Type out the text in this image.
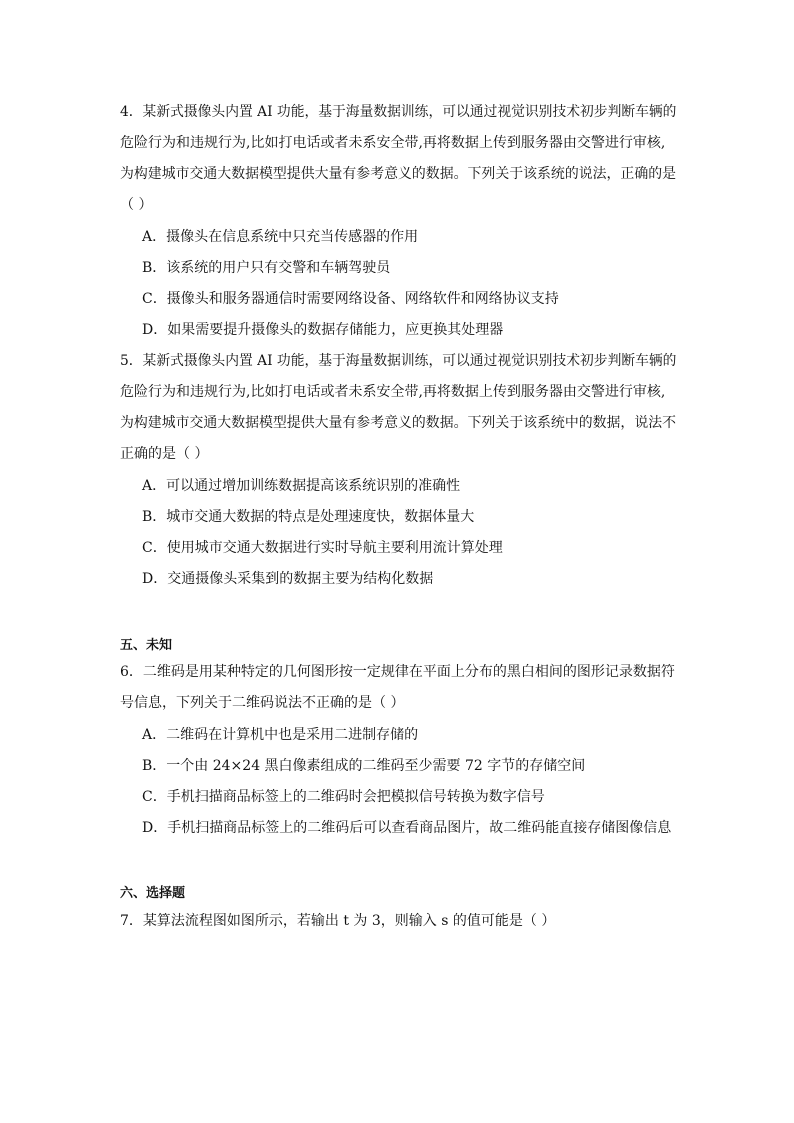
4．某新式摄像头内置 AI 功能，基于海量数据训练，可以通过视觉识别技术初步判断车辆的
危险行为和违规行为,比如打电话或者未系安全带,再将数据上传到服务器由交警进行审核,
为构建城市交通大数据模型提供大量有参考意义的数据。下列关于该系统的说法，正确的是
（ ）
A．摄像头在信息系统中只充当传感器的作用
B．该系统的用户只有交警和车辆驾驶员
C．摄像头和服务器通信时需要网络设备、网络软件和网络协议支持
D．如果需要提升摄像头的数据存储能力，应更换其处理器
5．某新式摄像头内置 AI 功能，基于海量数据训练，可以通过视觉识别技术初步判断车辆的
危险行为和违规行为,比如打电话或者未系安全带,再将数据上传到服务器由交警进行审核,
为构建城市交通大数据模型提供大量有参考意义的数据。下列关于该系统中的数据，说法不
正确的是（ ）
A．可以通过增加训练数据提高该系统识别的准确性
B．城市交通大数据的特点是处理速度快，数据体量大
C．使用城市交通大数据进行实时导航主要利用流计算处理
D．交通摄像头采集到的数据主要为结构化数据
五、未知
6．二维码是用某种特定的几何图形按一定规律在平面上分布的黑白相间的图形记录数据符
号信息，下列关于二维码说法不正确的是（ ）
A．二维码在计算机中也是采用二进制存储的
B．一个由 24×24 黑白像素组成的二维码至少需要 72 字节的存储空间
C．手机扫描商品标签上的二维码时会把模拟信号转换为数字信号
D．手机扫描商品标签上的二维码后可以查看商品图片，故二维码能直接存储图像信息
六、选择题
7．某算法流程图如图所示，若输出 t 为 3，则输入 s 的值可能是（ ）
